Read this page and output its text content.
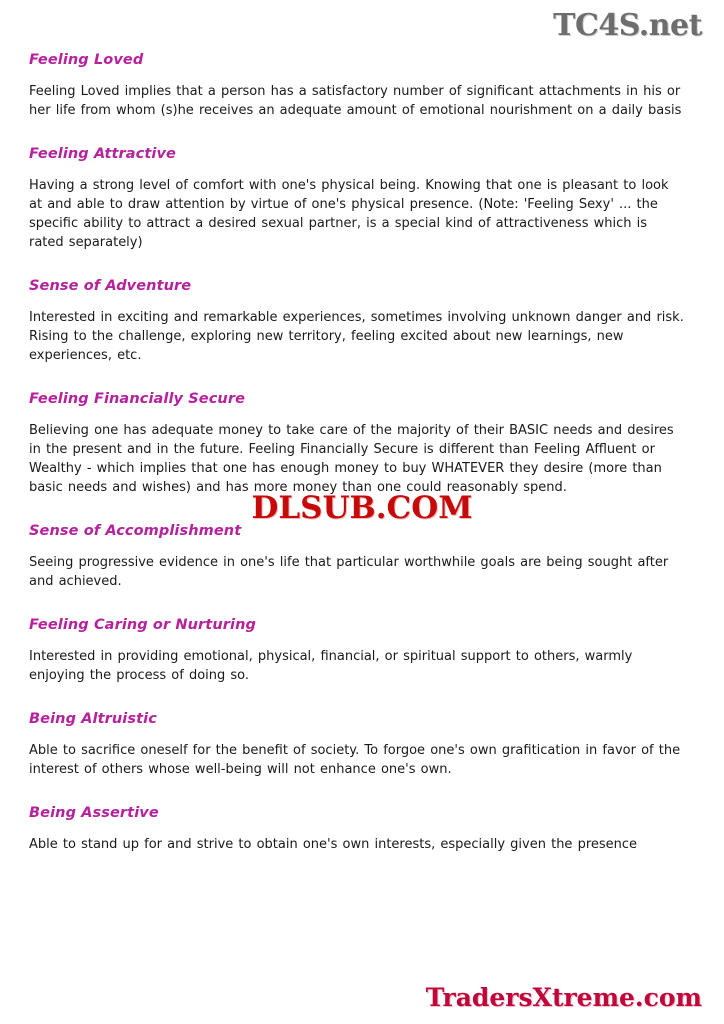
TC4S.net
Feeling Loved

Feeling Loved implies that a person has a satisfactory number of significant attachments in his or her life from whom (s)he receives an adequate amount of emotional nourishment on a daily basis

Feeling Attractive

Having a strong level of comfort with one's physical being. Knowing that one is pleasant to look at and able to draw attention by virtue of one's physical presence. (Note: 'Feeling Sexy' ... the specific ability to attract a desired sexual partner, is a special kind of attractiveness which is rated separately)

Sense of Adventure

Interested in exciting and remarkable experiences, sometimes involving unknown danger and risk. Rising to the challenge, exploring new territory, feeling excited about new learnings, new experiences, etc.

Feeling Financially Secure

Believing one has adequate money to take care of the majority of their BASIC needs and desires in the present and in the future. Feeling Financially Secure is different than Feeling Affluent or Wealthy - which implies that one has enough money to buy WHATEVER they desire (more than basic needs and wishes) and has more money than one could reasonably spend.

Sense of Accomplishment

Seeing progressive evidence in one's life that particular worthwhile goals are being sought after and achieved.

Feeling Caring or Nurturing

Interested in providing emotional, physical, financial, or spiritual support to others, warmly enjoying the process of doing so.

Being Altruistic

Able to sacrifice oneself for the benefit of society. To forgoe one's own grafitication in favor of the interest of others whose well-being will not enhance one's own.

Being Assertive

Able to stand up for and strive to obtain one's own interests, especially given the presence

DLSUB.COM
TradersXtreme.com
